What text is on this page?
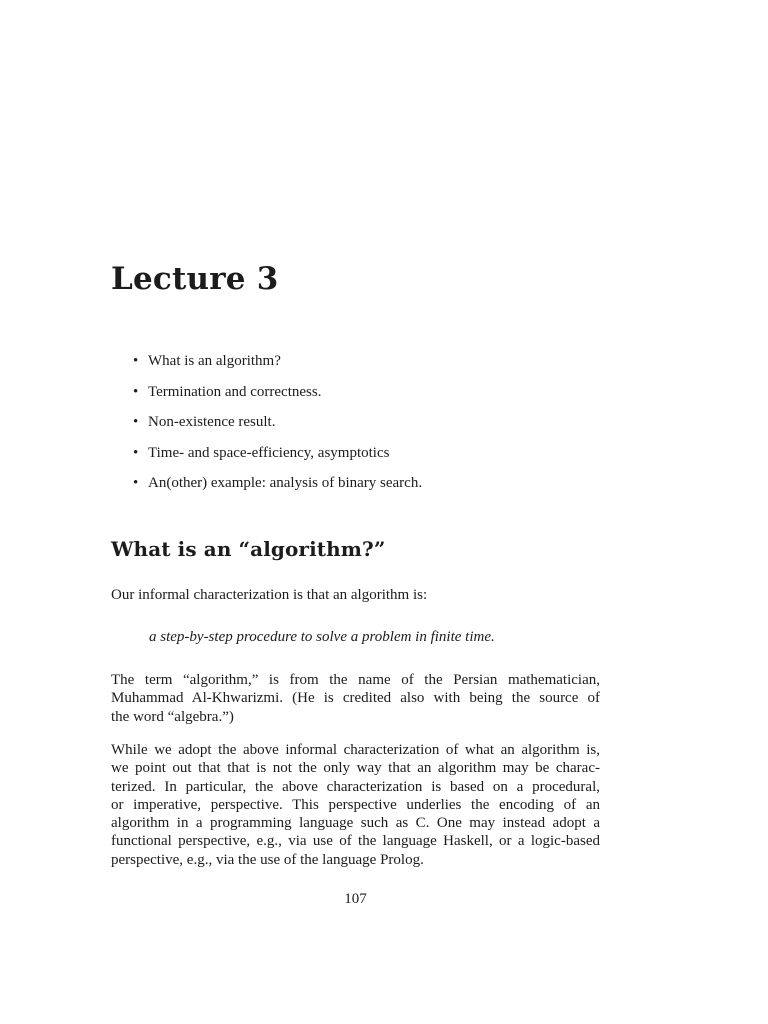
Lecture 3
• What is an algorithm?
• Termination and correctness.
• Non-existence result.
• Time- and space-efficiency, asymptotics
• An(other) example: analysis of binary search.
What is an “algorithm?”

Our informal characterization is that an algorithm is:

a step-by-step procedure to solve a problem in finite time.

The term “algorithm,” is from the name of the Persian mathematician,
Muhammad Al-Khwarizmi. (He is credited also with being the source of
the word “algebra.”)

While we adopt the above informal characterization of what an algorithm is,
we point out that that is not the only way that an algorithm may be charac-
terized. In particular, the above characterization is based on a procedural,
or imperative, perspective. This perspective underlies the encoding of an
algorithm in a programming language such as C. One may instead adopt a
functional perspective, e.g., via use of the language Haskell, or a logic-based
perspective, e.g., via the use of the language Prolog.

107
